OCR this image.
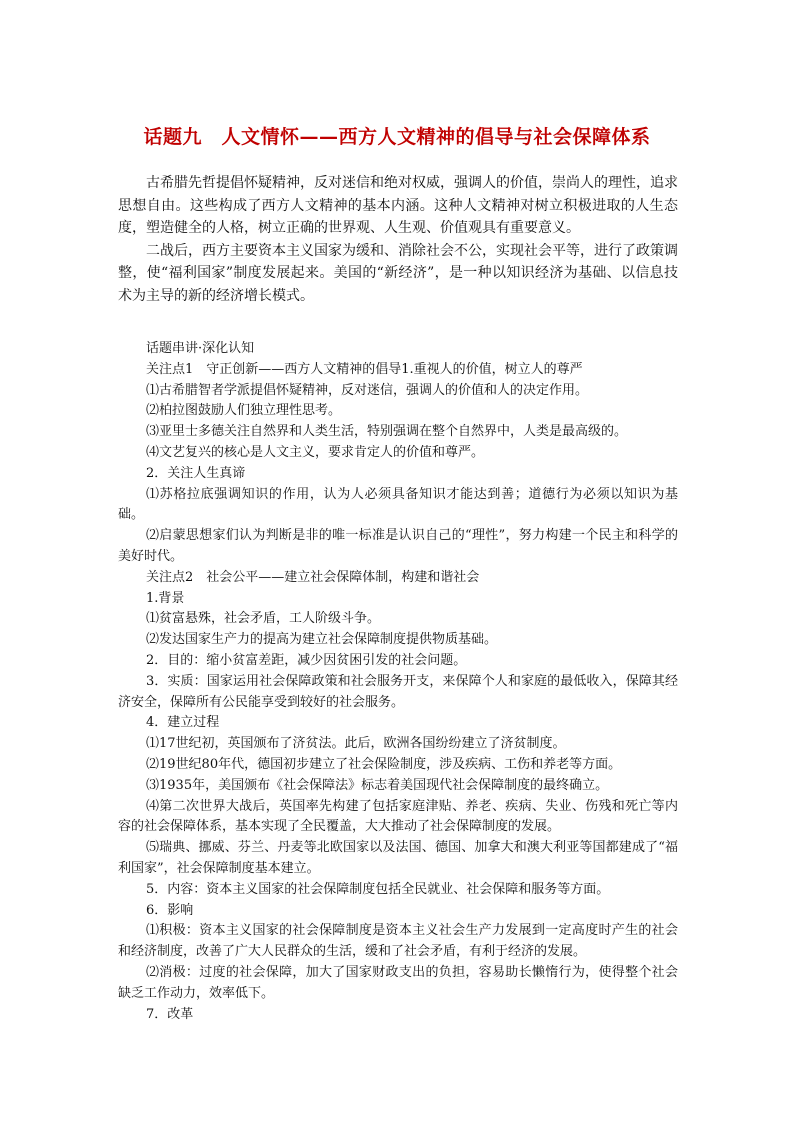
话题九　人文情怀——西方人文精神的倡导与社会保障体系

古希腊先哲提倡怀疑精神，反对迷信和绝对权威，强调人的价值，崇尚人的理性，追求思想自由。这些构成了西方人文精神的基本内涵。这种人文精神对树立积极进取的人生态度，塑造健全的人格，树立正确的世界观、人生观、价值观具有重要意义。

二战后，西方主要资本主义国家为缓和、消除社会不公，实现社会平等，进行了政策调整，使“福利国家”制度发展起来。美国的“新经济”，是一种以知识经济为基础、以信息技术为主导的新的经济增长模式。

话题串讲·深化认知

关注点1　守正创新——西方人文精神的倡导1.重视人的价值，树立人的尊严

⑴古希腊智者学派提倡怀疑精神，反对迷信，强调人的价值和人的决定作用。

⑵柏拉图鼓励人们独立理性思考。

⑶亚里士多德关注自然界和人类生活，特别强调在整个自然界中，人类是最高级的。

⑷文艺复兴的核心是人文主义，要求肯定人的价值和尊严。

2．关注人生真谛

⑴苏格拉底强调知识的作用，认为人必须具备知识才能达到善；道德行为必须以知识为基础。

⑵启蒙思想家们认为判断是非的唯一标准是认识自己的“理性”，努力构建一个民主和科学的美好时代。

关注点2　社会公平——建立社会保障体制，构建和谐社会

1.背景

⑴贫富悬殊，社会矛盾，工人阶级斗争。

⑵发达国家生产力的提高为建立社会保障制度提供物质基础。

2．目的：缩小贫富差距，减少因贫困引发的社会问题。

3．实质：国家运用社会保障政策和社会服务开支，来保障个人和家庭的最低收入，保障其经济安全，保障所有公民能享受到较好的社会服务。

4．建立过程

⑴17世纪初，英国颁布了济贫法。此后，欧洲各国纷纷建立了济贫制度。

⑵19世纪80年代，德国初步建立了社会保险制度，涉及疾病、工伤和养老等方面。

⑶1935年，美国颁布《社会保障法》标志着美国现代社会保障制度的最终确立。

⑷第二次世界大战后，英国率先构建了包括家庭津贴、养老、疾病、失业、伤残和死亡等内容的社会保障体系，基本实现了全民覆盖，大大推动了社会保障制度的发展。

⑸瑞典、挪威、芬兰、丹麦等北欧国家以及法国、德国、加拿大和澳大利亚等国都建成了“福利国家”，社会保障制度基本建立。

5．内容：资本主义国家的社会保障制度包括全民就业、社会保障和服务等方面。

6．影响

⑴积极：资本主义国家的社会保障制度是资本主义社会生产力发展到一定高度时产生的社会和经济制度，改善了广大人民群众的生活，缓和了社会矛盾，有利于经济的发展。

⑵消极：过度的社会保障，加大了国家财政支出的负担，容易助长懒惰行为，使得整个社会缺乏工作动力，效率低下。

7．改革
